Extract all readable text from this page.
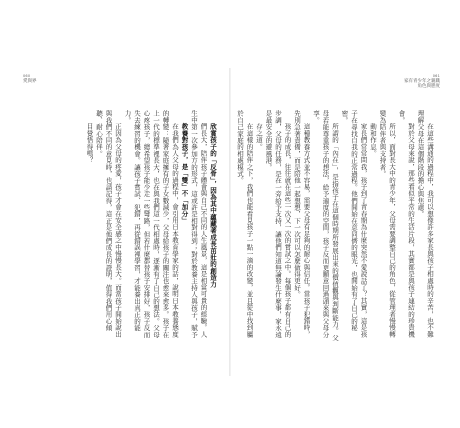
060
愛與界

欣賞孩子的「反骨」，因為其中蘊藏著成長茁壯的創造力

們長大，陪伴孩子體會與自己不同的人生風景，這是相當可貴的經驗。人生中第一次參加方的形式，這或許是相對得到；對於教養主持人與孩子，賦予

教養對孩子，是「雙」不「加分」

在我們為人父母的過程中，會引用日本教育學家的話，說明日本教養態度的轉變：隨著家庭擁有的子女數減少，父母給孩子的關注也愈來愈多。孩子在上一代的標準裡長大，也在與我們這一代相處時，逐漸有了自己的想法。父母心疼孩子，總希望孩子能少走一些彎路，但若什麼都替孩子安排好，孩子反而失去練習的機會。讓孩子嘗試、犯錯，再從錯誤裡學習，才能養出真正的能力。

正因為父母的疼愛，孩子才會在安全感之中慢慢長大。而當孩子開始說出與我們不同的意見時，也請記得，這正是他們成長的證明，值得我們用心傾聽、耐心陪伴。

目覺悟得嗎？

061
家有青少年之親職角色與態度

在這些溝通的過程中，我可以想像許多家長與孩子相處時的辛苦，也不難理解父母在這個階段的擔心與焦慮。

對於父母來說，那些看似平常的生活片段，其實都是與孩子連結的珍貴機會。

所以，面對長大中的青少年，父母需要調整自己的角色，從管理者慢慢轉變為陪伴者與支持者。

動和作息。

家長們常常問我，孩子到了青春期為什麼突然不愛說話了？其實，這是孩子在尋找自我的正常過程。他們開始在意同儕的眼光，也開始有了自己的秘密。

所謂的「內在」，是指孩子在這個時期所發展出來的價值觀與判斷能力。父母若能尊重孩子的想法，給予適度的空間，孩子反而更願意回過頭來與父母分享。

這種教養方式並不容易，需要父母有足夠的耐心與信任。當孩子犯錯時，先別急著責備，而是陪他一起想想，下一次可以怎麼做得更好。

孩子的成長，往往就在這些一次又一次的嘗試之中。每個孩子都有自己的步調，父母的任務，是在一旁給予支持，讓他們知道無論發生什麼事，家永遠是最安全的避風港。

存之道。

在這樣的陪伴之下，我們也能看見孩子一點一滴的改變，並且從中找到屬於自己家庭的相處模式。
